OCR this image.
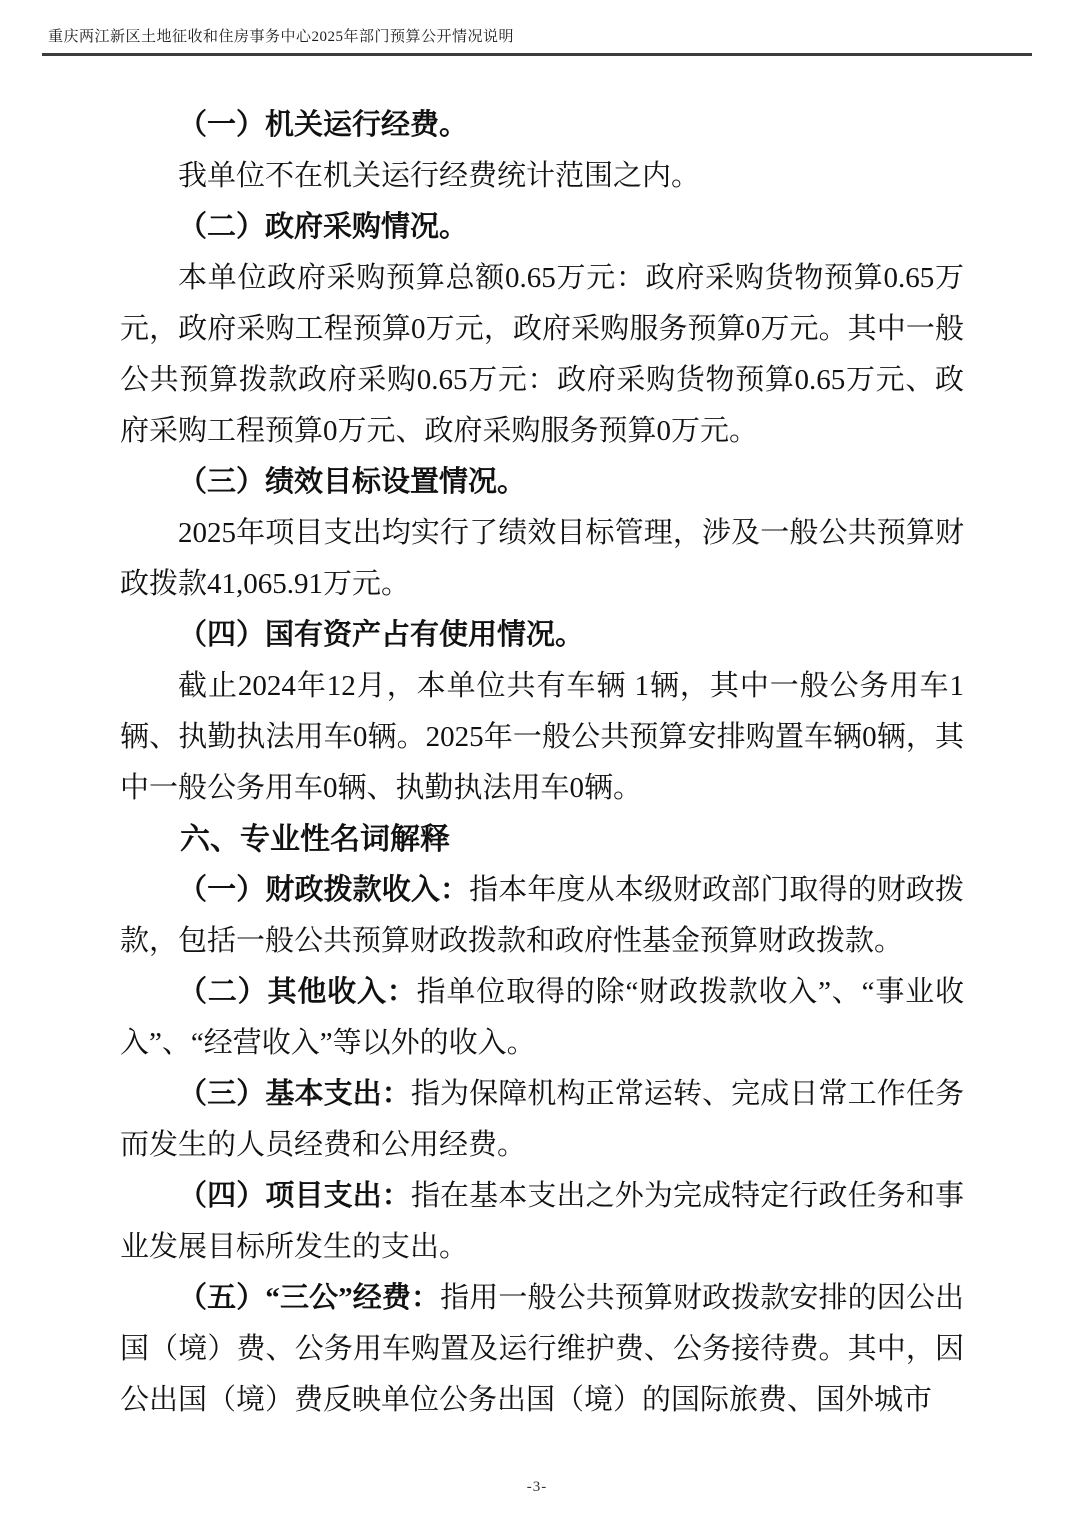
重庆两江新区土地征收和住房事务中心2025年部门预算公开情况说明

（一）机关运行经费。

我单位不在机关运行经费统计范围之内。

（二）政府采购情况。

本单位政府采购预算总额0.65万元：政府采购货物预算0.65万元，政府采购工程预算0万元，政府采购服务预算0万元。其中一般公共预算拨款政府采购0.65万元：政府采购货物预算0.65万元、政府采购工程预算0万元、政府采购服务预算0万元。

（三）绩效目标设置情况。

2025年项目支出均实行了绩效目标管理，涉及一般公共预算财政拨款41,065.91万元。

（四）国有资产占有使用情况。

截止2024年12月，本单位共有车辆 1辆，其中一般公务用车1辆、执勤执法用车0辆。2025年一般公共预算安排购置车辆0辆，其中一般公务用车0辆、执勤执法用车0辆。

六、专业性名词解释

（一）财政拨款收入：指本年度从本级财政部门取得的财政拨款，包括一般公共预算财政拨款和政府性基金预算财政拨款。

（二）其他收入：指单位取得的除“财政拨款收入”、“事业收入”、“经营收入”等以外的收入。

（三）基本支出：指为保障机构正常运转、完成日常工作任务而发生的人员经费和公用经费。

（四）项目支出：指在基本支出之外为完成特定行政任务和事业发展目标所发生的支出。

（五）“三公”经费：指用一般公共预算财政拨款安排的因公出国（境）费、公务用车购置及运行维护费、公务接待费。其中，因公出国（境）费反映单位公务出国（境）的国际旅费、国外城市

-3-
